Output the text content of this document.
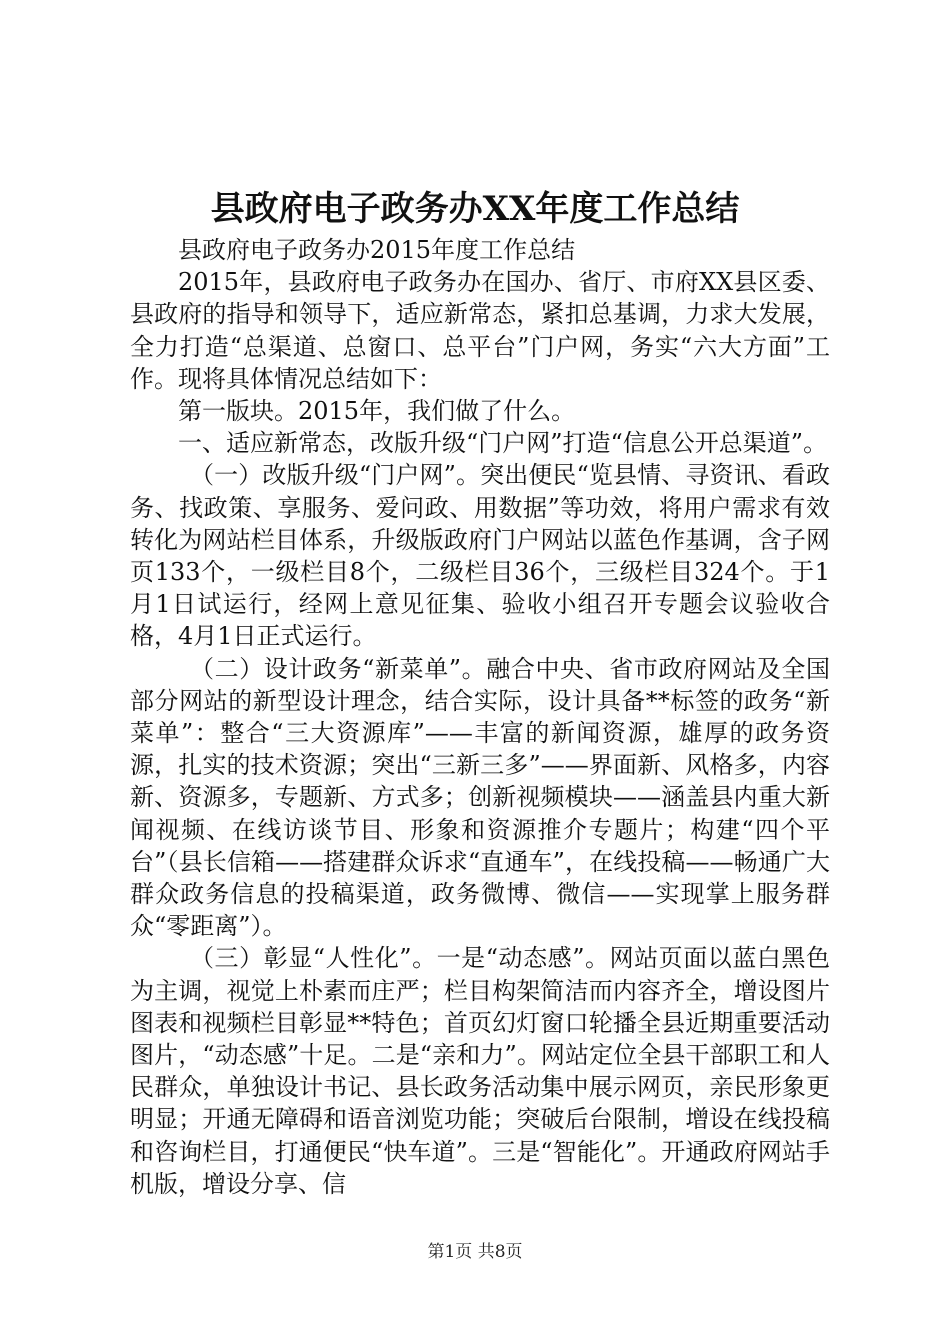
县政府电子政务办XX年度工作总结

县政府电子政务办2015年度工作总结

2015年，县政府电子政务办在国办、省厅、市府XX县区委、县政府的指导和领导下，适应新常态，紧扣总基调，力求大发展，全力打造“总渠道、总窗口、总平台”门户网，务实“六大方面”工作。现将具体情况总结如下：

第一版块。2015年，我们做了什么。

一、适应新常态，改版升级“门户网”打造“信息公开总渠道”。

（一）改版升级“门户网”。突出便民“览县情、寻资讯、看政务、找政策、享服务、爱问政、用数据”等功效，将用户需求有效转化为网站栏目体系，升级版政府门户网站以蓝色作基调，含子网页133个，一级栏目8个，二级栏目36个，三级栏目324个。于1月1日试运行，经网上意见征集、验收小组召开专题会议验收合格，4月1日正式运行。

（二）设计政务“新菜单”。融合中央、省市政府网站及全国部分网站的新型设计理念，结合实际，设计具备**标签的政务“新菜单”：整合“三大资源库”——丰富的新闻资源，雄厚的政务资源，扎实的技术资源；突出“三新三多”——界面新、风格多，内容新、资源多，专题新、方式多；创新视频模块——涵盖县内重大新闻视频、在线访谈节目、形象和资源推介专题片；构建“四个平台”（县长信箱——搭建群众诉求“直通车”，在线投稿——畅通广大群众政务信息的投稿渠道，政务微博、微信——实现掌上服务群众“零距离”）。

（三）彰显“人性化”。一是“动态感”。网站页面以蓝白黑色为主调，视觉上朴素而庄严；栏目构架简洁而内容齐全，增设图片图表和视频栏目彰显**特色；首页幻灯窗口轮播全县近期重要活动图片，“动态感”十足。二是“亲和力”。网站定位全县干部职工和人民群众，单独设计书记、县长政务活动集中展示网页，亲民形象更明显；开通无障碍和语音浏览功能；突破后台限制，增设在线投稿和咨询栏目，打通便民“快车道”。三是“智能化”。开通政府网站手机版，增设分享、信

第1页 共8页
